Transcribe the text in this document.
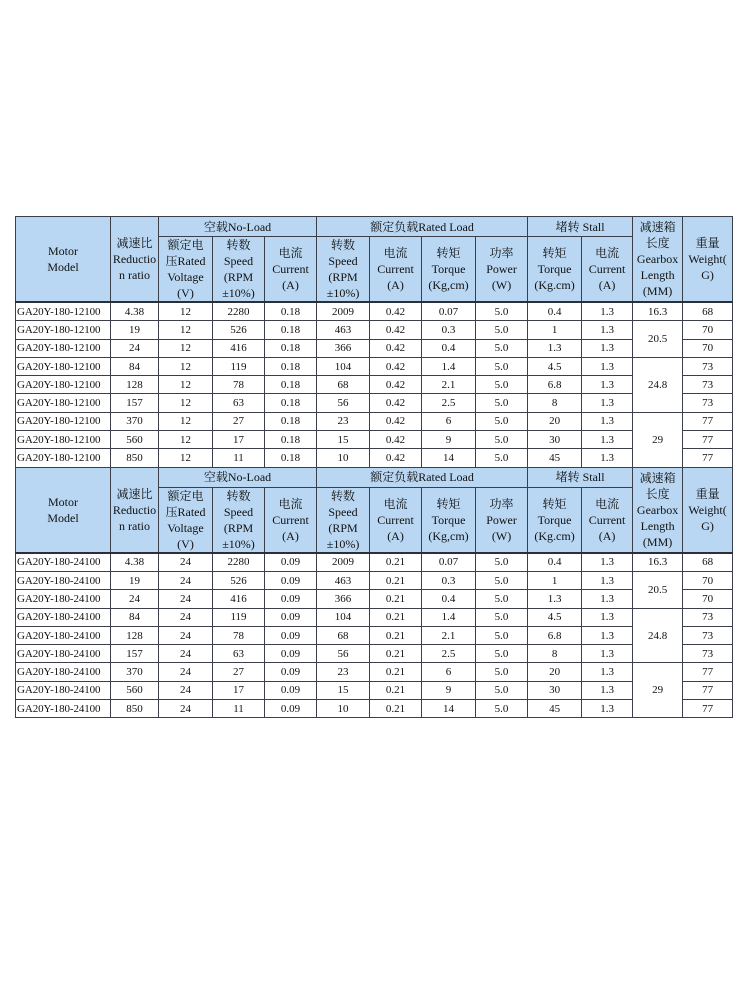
Motor
Model	减速比
Reductio
n ratio	空载No-Load			额定负载Rated Load				堵转 Stall		减速箱
长度
Gearbox
Length
(MM)	重量
Weight(
G)

		额定电
压Rated
Voltage
(V)	转数
Speed
(RPM
±10%)	电流
Current
(A)	转数
Speed
(RPM
±10%)	电流
Current
(A)	转矩
Torque
(Kg,cm)	功率
Power
(W)	转矩
Torque
(Kg.cm)	电流
Current
(A)		

GA20Y-180-12100	4.38	12	2280	0.18	2009	0.42	0.07	5.0	0.4	1.3	16.3	68
GA20Y-180-12100	19	12	526	0.18	463	0.42	0.3	5.0	1	1.3	20.5	70
GA20Y-180-12100	24	12	416	0.18	366	0.42	0.4	5.0	1.3	1.3		70
GA20Y-180-12100	84	12	119	0.18	104	0.42	1.4	5.0	4.5	1.3	24.8	73
GA20Y-180-12100	128	12	78	0.18	68	0.42	2.1	5.0	6.8	1.3		73
GA20Y-180-12100	157	12	63	0.18	56	0.42	2.5	5.0	8	1.3		73
GA20Y-180-12100	370	12	27	0.18	23	0.42	6	5.0	20	1.3	29	77
GA20Y-180-12100	560	12	17	0.18	15	0.42	9	5.0	30	1.3		77
GA20Y-180-12100	850	12	11	0.18	10	0.42	14	5.0	45	1.3		77

Motor
Model	减速比
Reductio
n ratio	空载No-Load			额定负载Rated Load				堵转 Stall		减速箱
长度
Gearbox
Length
(MM)	重量
Weight(
G)

		额定电
压Rated
Voltage
(V)	转数
Speed
(RPM
±10%)	电流
Current
(A)	转数
Speed
(RPM
±10%)	电流
Current
(A)	转矩
Torque
(Kg,cm)	功率
Power
(W)	转矩
Torque
(Kg.cm)	电流
Current
(A)		

GA20Y-180-24100	4.38	24	2280	0.09	2009	0.21	0.07	5.0	0.4	1.3	16.3	68
GA20Y-180-24100	19	24	526	0.09	463	0.21	0.3	5.0	1	1.3	20.5	70
GA20Y-180-24100	24	24	416	0.09	366	0.21	0.4	5.0	1.3	1.3		70
GA20Y-180-24100	84	24	119	0.09	104	0.21	1.4	5.0	4.5	1.3	24.8	73
GA20Y-180-24100	128	24	78	0.09	68	0.21	2.1	5.0	6.8	1.3		73
GA20Y-180-24100	157	24	63	0.09	56	0.21	2.5	5.0	8	1.3		73
GA20Y-180-24100	370	24	27	0.09	23	0.21	6	5.0	20	1.3	29	77
GA20Y-180-24100	560	24	17	0.09	15	0.21	9	5.0	30	1.3		77
GA20Y-180-24100	850	24	11	0.09	10	0.21	14	5.0	45	1.3		77
